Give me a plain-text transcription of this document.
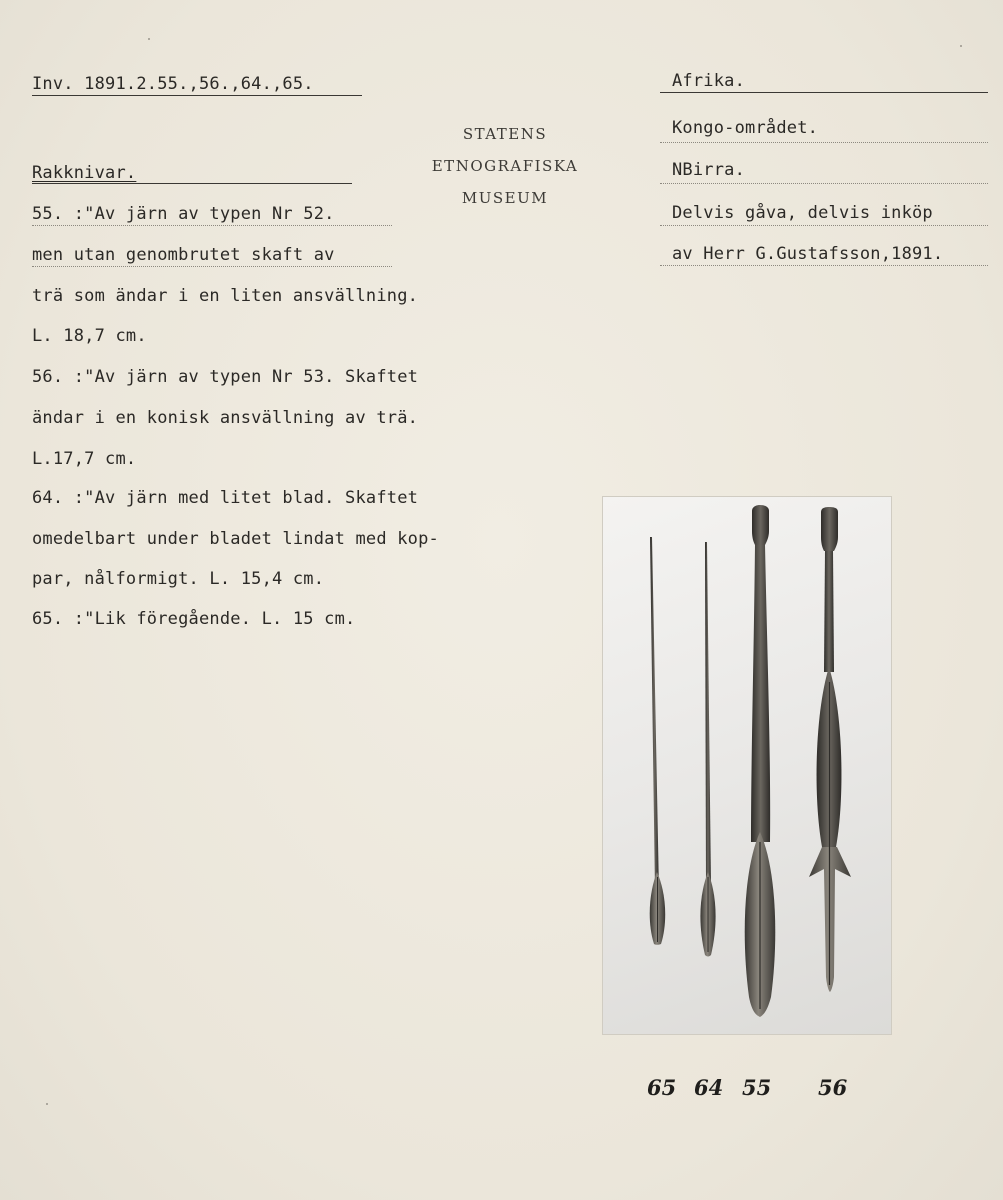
Inv. 1891.2.55.,56.,64.,65.	Afrika.
STATENS
ETNOGRAFISKA
MUSEUM
Rakknivar.
Kongo-området.
NBirra.
Delvis gåva, delvis inköp
av Herr G.Gustafsson,1891.
55. :"Av järn av typen Nr 52.
men utan genombrutet skaft av
trä som ändar i en liten ansvällning.
L. 18,7 cm.
56. :"Av järn av typen Nr 53. Skaftet
ändar i en konisk ansvällning av trä.
L.17,7 cm.
64. :"Av järn med litet blad. Skaftet
omedelbart under bladet lindat med kop-
par, nålformigt. L. 15,4 cm.
65. :"Lik föregående. L. 15 cm.
65 64 55 56
